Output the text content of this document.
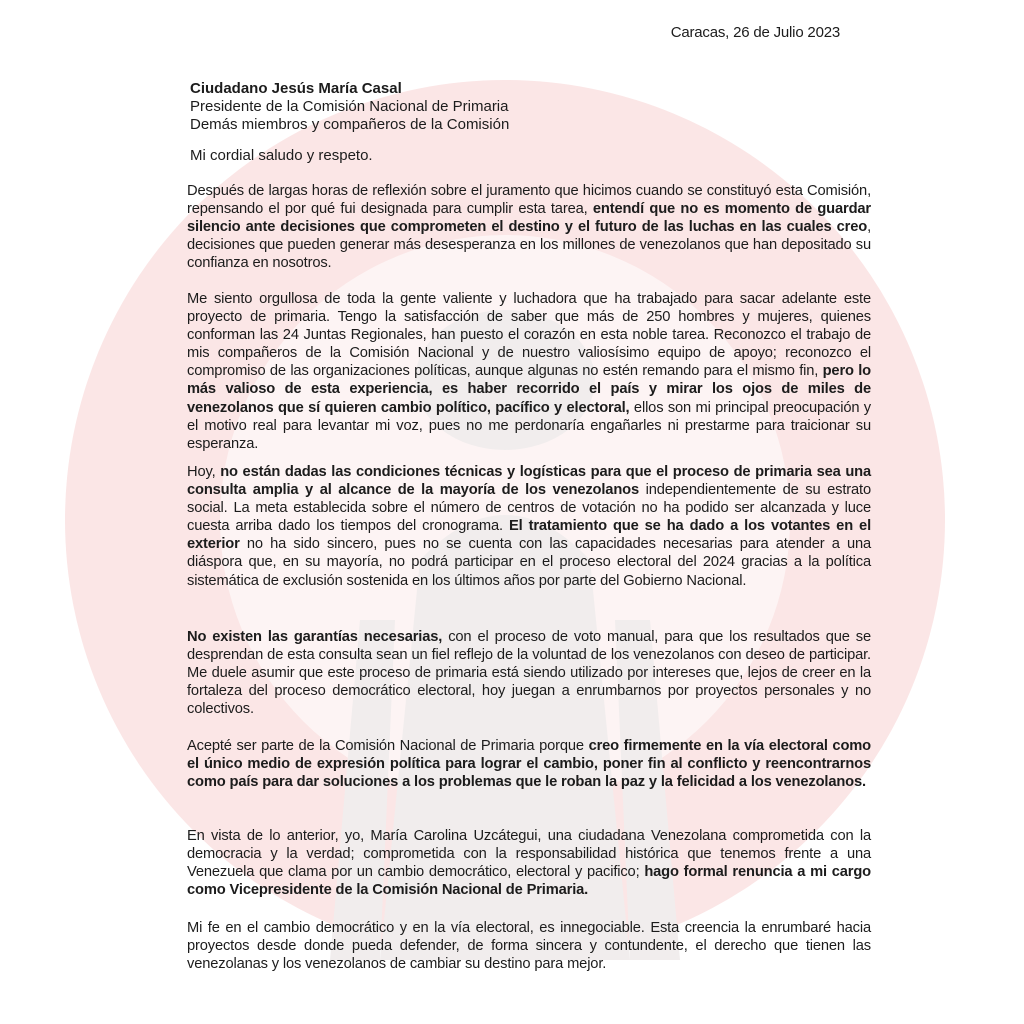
Caracas, 26 de Julio 2023
Ciudadano Jesús María Casal
Presidente de la Comisión Nacional de Primaria
Demás miembros y compañeros de la Comisión
Mi cordial saludo y respeto.
Después de largas horas de reflexión sobre el juramento que hicimos cuando se constituyó esta Comisión, repensando el por qué fui designada para cumplir esta tarea, entendí que no es momento de guardar silencio ante decisiones que comprometen el destino y el futuro de las luchas en las cuales creo, decisiones que pueden generar más desesperanza en los millones de venezolanos que han depositado su confianza en nosotros.
Me siento orgullosa de toda la gente valiente y luchadora que ha trabajado para sacar adelante este proyecto de primaria. Tengo la satisfacción de saber que más de 250 hombres y mujeres, quienes conforman las 24 Juntas Regionales, han puesto el corazón en esta noble tarea. Reconozco el trabajo de mis compañeros de la Comisión Nacional y de nuestro valiosísimo equipo de apoyo; reconozco el compromiso de las organizaciones políticas, aunque algunas no estén remando para el mismo fin, pero lo más valioso de esta experiencia, es haber recorrido el país y mirar los ojos de miles de venezolanos que sí quieren cambio político, pacífico y electoral, ellos son mi principal preocupación y el motivo real para levantar mi voz, pues no me perdonaría engañarles ni prestarme para traicionar su esperanza.
Hoy, no están dadas las condiciones técnicas y logísticas para que el proceso de primaria sea una consulta amplia y al alcance de la mayoría de los venezolanos independientemente de su estrato social. La meta establecida sobre el número de centros de votación no ha podido ser alcanzada y luce cuesta arriba dado los tiempos del cronograma. El tratamiento que se ha dado a los votantes en el exterior no ha sido sincero, pues no se cuenta con las capacidades necesarias para atender a una diáspora que, en su mayoría, no podrá participar en el proceso electoral del 2024 gracias a la política sistemática de exclusión sostenida en los últimos años por parte del Gobierno Nacional.
No existen las garantías necesarias, con el proceso de voto manual, para que los resultados que se desprendan de esta consulta sean un fiel reflejo de la voluntad de los venezolanos con deseo de participar. Me duele asumir que este proceso de primaria está siendo utilizado por intereses que, lejos de creer en la fortaleza del proceso democrático electoral, hoy juegan a enrumbarnos por proyectos personales y no colectivos.
Acepté ser parte de la Comisión Nacional de Primaria porque creo firmemente en la vía electoral como el único medio de expresión política para lograr el cambio, poner fin al conflicto y reencontrarnos como país para dar soluciones a los problemas que le roban la paz y la felicidad a los venezolanos.
En vista de lo anterior, yo, María Carolina Uzcátegui, una ciudadana Venezolana comprometida con la democracia y la verdad; comprometida con la responsabilidad histórica que tenemos frente a una Venezuela que clama por un cambio democrático, electoral y pacifico; hago formal renuncia a mi cargo como Vicepresidente de la Comisión Nacional de Primaria.
Mi fe en el cambio democrático y en la vía electoral, es innegociable. Esta creencia la enrumbaré hacia proyectos desde donde pueda defender, de forma sincera y contundente, el derecho que tienen las venezolanas y los venezolanos de cambiar su destino para mejor.
